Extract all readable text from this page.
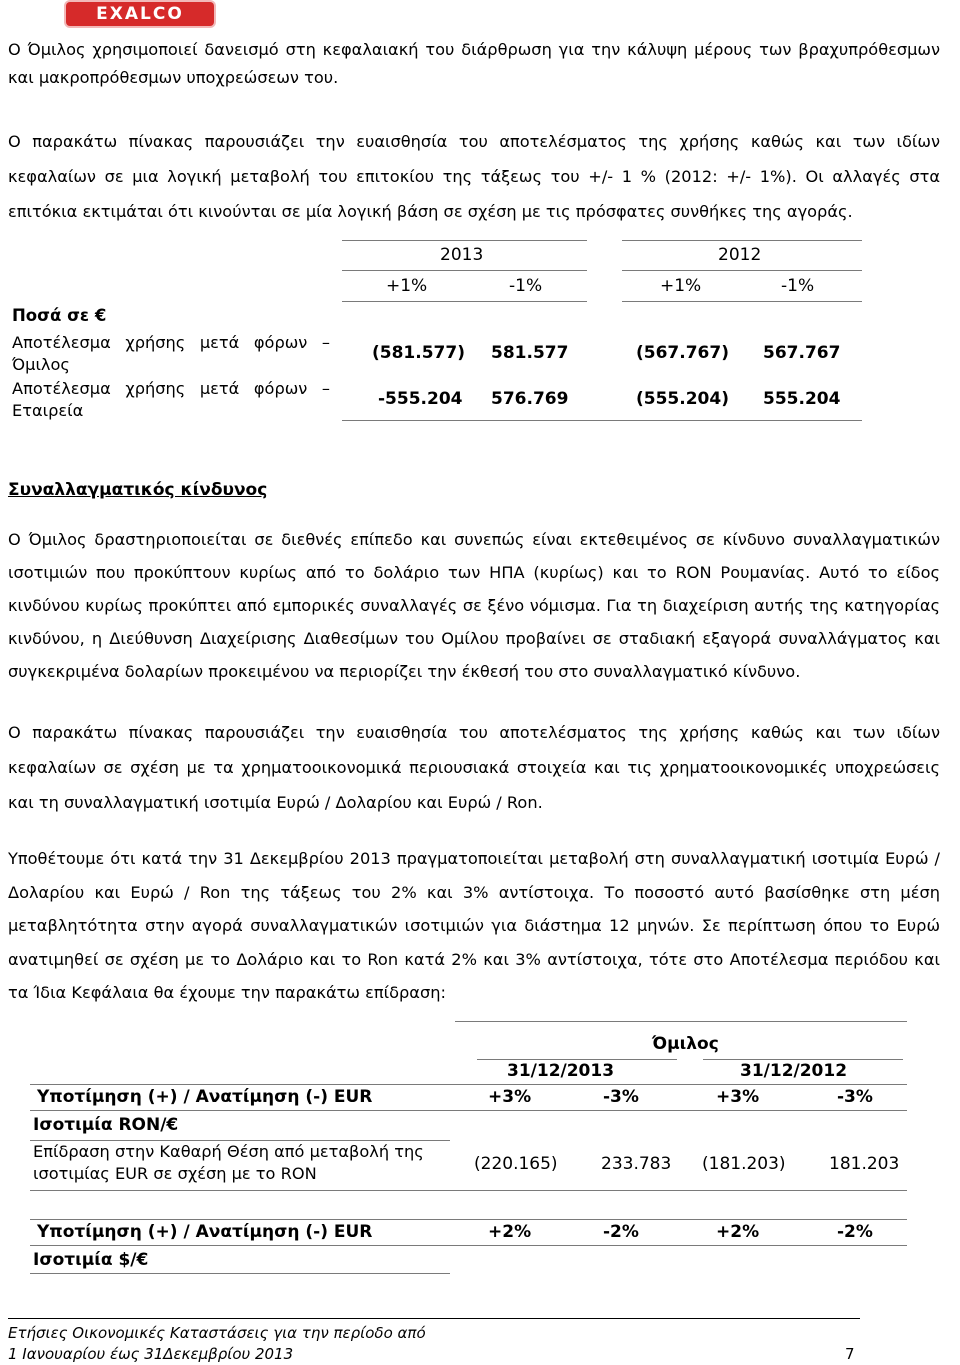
EXALCO
Ο Όμιλος χρησιμοποιεί δανεισμό στη κεφαλαιακή του διάρθρωση για την κάλυψη μέρους των βραχυπρόθεσμων
και μακροπρόθεσμων υποχρεώσεων του.
Ο παρακάτω πίνακας παρουσιάζει την ευαισθησία του αποτελέσματος της χρήσης καθώς και των ιδίων
κεφαλαίων σε μια λογική μεταβολή του επιτοκίου της τάξεως του +/- 1 % (2012: +/- 1%). Οι αλλαγές στα
επιτόκια εκτιμάται ότι κινούνται σε μία λογική βάση σε σχέση με τις πρόσφατες συνθήκες της αγοράς.
2013	2012
+1%	-1%	+1%	-1%
Ποσά σε €
Αποτέλεσμα χρήσης μετά φόρων –
Όμιλος
(581.577) 581.577	(567.767) 567.767
Αποτέλεσμα χρήσης μετά φόρων –
Εταιρεία
-555.204 576.769	(555.204) 555.204
Συναλλαγματικός κίνδυνος
Ο Όμιλος δραστηριοποιείται σε διεθνές επίπεδο και συνεπώς είναι εκτεθειμένος σε κίνδυνο συναλλαγματικών
ισοτιμιών που προκύπτουν κυρίως από το δολάριο των ΗΠΑ (κυρίως) και το RON Ρουμανίας. Αυτό το είδος
κινδύνου κυρίως προκύπτει από εμπορικές συναλλαγές σε ξένο νόμισμα. Για τη διαχείριση αυτής της κατηγορίας
κινδύνου, η Διεύθυνση Διαχείρισης Διαθεσίμων του Ομίλου προβαίνει σε σταδιακή εξαγορά συναλλάγματος και
συγκεκριμένα δολαρίων προκειμένου να περιορίζει την έκθεσή του στο συναλλαγματικό κίνδυνο.
Ο παρακάτω πίνακας παρουσιάζει την ευαισθησία του αποτελέσματος της χρήσης καθώς και των ιδίων
κεφαλαίων σε σχέση με τα χρηματοοικονομικά περιουσιακά στοιχεία και τις χρηματοοικονομικές υποχρεώσεις
και τη συναλλαγματική ισοτιμία Ευρώ / Δολαρίου και Ευρώ / Ron.
Υποθέτουμε ότι κατά την 31 Δεκεμβρίου 2013 πραγματοποιείται μεταβολή στη συναλλαγματική ισοτιμία Ευρώ /
Δολαρίου και Ευρώ / Ron της τάξεως του 2% και 3% αντίστοιχα. Το ποσοστό αυτό βασίσθηκε στη μέση
μεταβλητότητα στην αγορά συναλλαγματικών ισοτιμιών για διάστημα 12 μηνών. Σε περίπτωση όπου το Ευρώ
ανατιμηθεί σε σχέση με το Δολάριο και το Ron κατά 2% και 3% αντίστοιχα, τότε στο Αποτέλεσμα περιόδου και
τα Ίδια Κεφάλαια θα έχουμε την παρακάτω επίδραση:
Όμιλος
31/12/2013	31/12/2012
Υποτίμηση (+) / Ανατίμηση (-) EUR	+3%	-3%	+3%	-3%
Ισοτιμία RON/€
Επίδραση στην Καθαρή Θέση από μεταβολή της
ισοτιμίας EUR σε σχέση με το RON	(220.165)	233.783 (181.203)	181.203
Υποτίμηση (+) / Ανατίμηση (-) EUR	+2%	-2%	+2%	-2%
Ισοτιμία $/€
Ετήσιες Οικονομικές Καταστάσεις για την περίοδο από
1 Ιανουαρίου έως 31Δεκεμβρίου 2013	7
